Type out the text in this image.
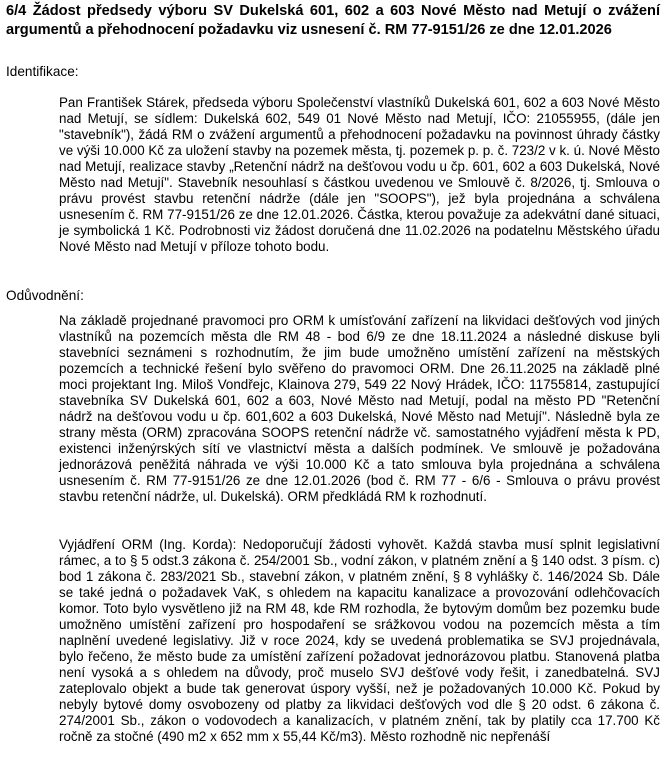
6/4 Žádost předsedy výboru SV Dukelská 601, 602 a 603 Nové Město nad Metují o zvážení argumentů a přehodnocení požadavku viz usnesení č. RM 77-9151/26 ze dne 12.01.2026

Identifikace:

Pan František Stárek, předseda výboru Společenství vlastníků Dukelská 601, 602 a 603 Nové Město nad Metují, se sídlem: Dukelská 602, 549 01 Nové Město nad Metují, IČO: 21055955, (dále jen "stavebník"), žádá RM o zvážení argumentů a přehodnocení požadavku na povinnost úhrady částky ve výši 10.000 Kč za uložení stavby na pozemek města, tj. pozemek p. p. č. 723/2 v k. ú. Nové Město nad Metují, realizace stavby „Retenční nádrž na dešťovou vodu u čp. 601, 602 a 603 Dukelská, Nové Město nad Metují". Stavebník nesouhlasí s částkou uvedenou ve Smlouvě č. 8/2026, tj. Smlouva o právu provést stavbu retenční nádrže (dále jen "SOOPS"), jež byla projednána a schválena usnesením č. RM 77-9151/26 ze dne 12.01.2026. Částka, kterou považuje za adekvátní dané situaci, je symbolická 1 Kč. Podrobnosti viz žádost doručená dne 11.02.2026 na podatelnu Městského úřadu Nové Město nad Metují v příloze tohoto bodu.

Odůvodnění:

Na základě projednané pravomoci pro ORM k umísťování zařízení na likvidaci dešťových vod jiných vlastníků na pozemcích města dle RM 48 - bod 6/9 ze dne 18.11.2024 a následné diskuse byli stavebníci seznámeni s rozhodnutím, že jim bude umožněno umístění zařízení na městských pozemcích a technické řešení bylo svěřeno do pravomoci ORM. Dne 26.11.2025 na základě plné moci projektant Ing. Miloš Vondřejc, Klainova 279, 549 22 Nový Hrádek, IČO: 11755814, zastupující stavebníka SV Dukelská 601, 602 a 603, Nové Město nad Metují, podal na město PD "Retenční nádrž na dešťovou vodu u čp. 601,602 a 603 Dukelská, Nové Město nad Metují". Následně byla ze strany města (ORM) zpracována SOOPS retenční nádrže vč. samostatného vyjádření města k PD, existenci inženýrských sítí ve vlastnictví města a dalších podmínek. Ve smlouvě je požadována jednorázová peněžitá náhrada ve výši 10.000 Kč a tato smlouva byla projednána a schválena usnesením č. RM 77-9151/26 ze dne 12.01.2026 (bod č. RM 77 - 6/6 - Smlouva o právu provést stavbu retenční nádrže, ul. Dukelská). ORM předkládá RM k rozhodnutí.

Vyjádření ORM (Ing. Korda): Nedoporučují žádosti vyhovět. Každá stavba musí splnit legislativní rámec, a to § 5 odst.3 zákona č. 254/2001 Sb., vodní zákon, v platném znění a § 140 odst. 3 písm. c) bod 1 zákona č. 283/2021 Sb., stavební zákon, v platném znění, § 8 vyhlášky č. 146/2024 Sb. Dále se také jedná o požadavek VaK, s ohledem na kapacitu kanalizace a provozování odlehčovacích komor. Toto bylo vysvětleno již na RM 48, kde RM rozhodla, že bytovým domům bez pozemku bude umožněno umístění zařízení pro hospodaření se srážkovou vodou na pozemcích města a tím naplnění uvedené legislativy. Již v roce 2024, kdy se uvedená problematika se SVJ projednávala, bylo řečeno, že město bude za umístění zařízení požadovat jednorázovou platbu. Stanovená platba není vysoká a s ohledem na důvody, proč muselo SVJ dešťové vody řešit, i zanedbatelná. SVJ zateplovalo objekt a bude tak generovat úspory vyšší, než je požadovaných 10.000 Kč. Pokud by nebyly bytové domy osvobozeny od platby za likvidaci dešťových vod dle § 20 odst. 6 zákona č. 274/2001 Sb., zákon o vodovodech a kanalizacích, v platném znění, tak by platily cca 17.700 Kč ročně za stočné (490 m2 x 652 mm x 55,44 Kč/m3). Město rozhodně nic nepřenáší
